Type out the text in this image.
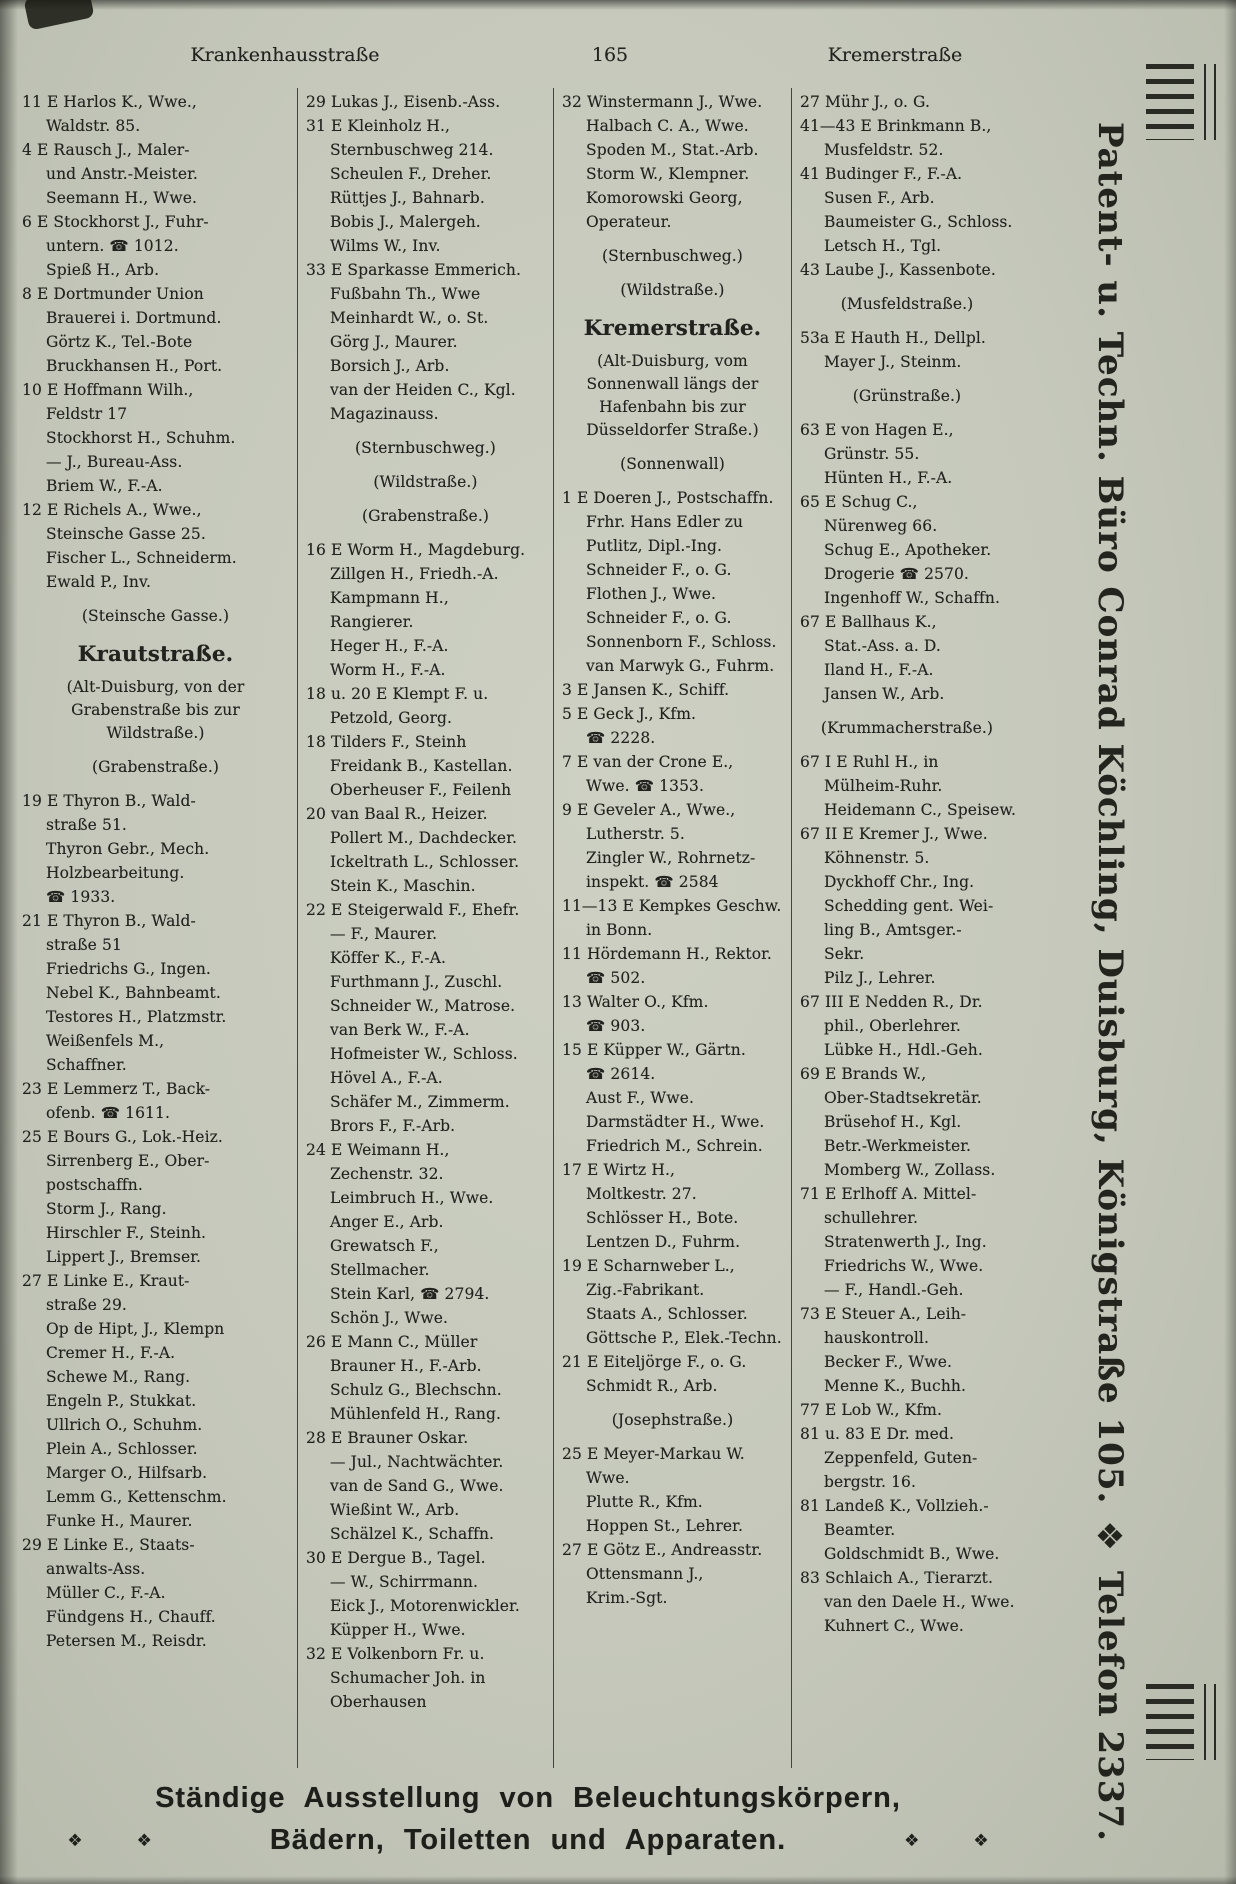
Krankenhausstraße	165	Kremerstraße
11 E Harlos K., Wwe.,
Waldstr. 85.
4 E Rausch J., Maler-
und Anstr.-Meister.
Seemann H., Wwe.
6 E Stockhorst J., Fuhr-
untern. ☎ 1012.
Spieß H., Arb.
8 E Dortmunder Union
Brauerei i. Dortmund.
Görtz K., Tel.-Bote
Bruckhansen H., Port.
10 E Hoffmann Wilh.,
Feldstr 17
Stockhorst H., Schuhm.
— J., Bureau-Ass.
Briem W., F.-A.
12 E Richels A., Wwe.,
Steinsche Gasse 25.
Fischer L., Schneiderm.
Ewald P., Inv.
(Steinsche Gasse.)
Krautstraße.
(Alt-Duisburg, von der
Grabenstraße bis zur
Wildstraße.)
(Grabenstraße.)
19 E Thyron B., Wald-
straße 51.
Thyron Gebr., Mech.
Holzbearbeitung.
☎ 1933.
21 E Thyron B., Wald-
straße 51
Friedrichs G., Ingen.
Nebel K., Bahnbeamt.
Testores H., Platzmstr.
Weißenfels M.,
Schaffner.
23 E Lemmerz T., Back-
ofenb. ☎ 1611.
25 E Bours G., Lok.-Heiz.
Sirrenberg E., Ober-
postschaffn.
Storm J., Rang.
Hirschler F., Steinh.
Lippert J., Bremser.
27 E Linke E., Kraut-
straße 29.
Op de Hipt, J., Klempn
Cremer H., F.-A.
Schewe M., Rang.
Engeln P., Stukkat.
Ullrich O., Schuhm.
Plein A., Schlosser.
Marger O., Hilfsarb.
Lemm G., Kettenschm.
Funke H., Maurer.
29 E Linke E., Staats-
anwalts-Ass.
Müller C., F.-A.
Fündgens H., Chauff.
Petersen M., Reisdr.
29 Lukas J., Eisenb.-Ass.
31 E Kleinholz H.,
Sternbuschweg 214.
Scheulen F., Dreher.
Rüttjes J., Bahnarb.
Bobis J., Malergeh.
Wilms W., Inv.
33 E Sparkasse Emmerich.
Fußbahn Th., Wwe
Meinhardt W., o. St.
Görg J., Maurer.
Borsich J., Arb.
van der Heiden C., Kgl.
Magazinauss.
(Sternbuschweg.)
(Wildstraße.)
(Grabenstraße.)
16 E Worm H., Magdeburg.
Zillgen H., Friedh.-A.
Kampmann H.,
Rangierer.
Heger H., F.-A.
Worm H., F.-A.
18 u. 20 E Klempt F. u.
Petzold, Georg.
18 Tilders F., Steinh
Freidank B., Kastellan.
Oberheuser F., Feilenh
20 van Baal R., Heizer.
Pollert M., Dachdecker.
Ickeltrath L., Schlosser.
Stein K., Maschin.
22 E Steigerwald F., Ehefr.
— F., Maurer.
Köffer K., F.-A.
Furthmann J., Zuschl.
Schneider W., Matrose.
van Berk W., F.-A.
Hofmeister W., Schloss.
Hövel A., F.-A.
Schäfer M., Zimmerm.
Brors F., F.-Arb.
24 E Weimann H.,
Zechenstr. 32.
Leimbruch H., Wwe.
Anger E., Arb.
Grewatsch F.,
Stellmacher.
Stein Karl, ☎ 2794.
Schön J., Wwe.
26 E Mann C., Müller
Brauner H., F.-Arb.
Schulz G., Blechschn.
Mühlenfeld H., Rang.
28 E Brauner Oskar.
— Jul., Nachtwächter.
van de Sand G., Wwe.
Wießint W., Arb.
Schälzel K., Schaffn.
30 E Dergue B., Tagel.
— W., Schirrmann.
Eick J., Motorenwickler.
Küpper H., Wwe.
32 E Volkenborn Fr. u.
Schumacher Joh. in
Oberhausen
32 Winstermann J., Wwe.
Halbach C. A., Wwe.
Spoden M., Stat.-Arb.
Storm W., Klempner.
Komorowski Georg,
Operateur.
(Sternbuschweg.)
(Wildstraße.)
Kremerstraße.
(Alt-Duisburg, vom
Sonnenwall längs der
Hafenbahn bis zur
Düsseldorfer Straße.)
(Sonnenwall)
1 E Doeren J., Postschaffn.
Frhr. Hans Edler zu
Putlitz, Dipl.-Ing.
Schneider F., o. G.
Flothen J., Wwe.
Schneider F., o. G.
Sonnenborn F., Schloss.
van Marwyk G., Fuhrm.
3 E Jansen K., Schiff.
5 E Geck J., Kfm.
☎ 2228.
7 E van der Crone E.,
Wwe. ☎ 1353.
9 E Geveler A., Wwe.,
Lutherstr. 5.
Zingler W., Rohrnetz-
inspekt. ☎ 2584
11—13 E Kempkes Geschw.
in Bonn.
11 Hördemann H., Rektor.
☎ 502.
13 Walter O., Kfm.
☎ 903.
15 E Küpper W., Gärtn.
☎ 2614.
Aust F., Wwe.
Darmstädter H., Wwe.
Friedrich M., Schrein.
17 E Wirtz H.,
Moltkestr. 27.
Schlösser H., Bote.
Lentzen D., Fuhrm.
19 E Scharnweber L.,
Zig.-Fabrikant.
Staats A., Schlosser.
Göttsche P., Elek.-Techn.
21 E Eiteljörge F., o. G.
Schmidt R., Arb.
(Josephstraße.)
25 E Meyer-Markau W.
Wwe.
Plutte R., Kfm.
Hoppen St., Lehrer.
27 E Götz E., Andreasstr.
Ottensmann J.,
Krim.-Sgt.
27 Mühr J., o. G.
41—43 E Brinkmann B.,
Musfeldstr. 52.
41 Budinger F., F.-A.
Susen F., Arb.
Baumeister G., Schloss.
Letsch H., Tgl.
43 Laube J., Kassenbote.
(Musfeldstraße.)
53a E Hauth H., Dellpl.
Mayer J., Steinm.
(Grünstraße.)
63 E von Hagen E.,
Grünstr. 55.
Hünten H., F.-A.
65 E Schug C.,
Nürenweg 66.
Schug E., Apotheker.
Drogerie ☎ 2570.
Ingenhoff W., Schaffn.
67 E Ballhaus K.,
Stat.-Ass. a. D.
Iland H., F.-A.
Jansen W., Arb.
(Krummacherstraße.)
67 I E Ruhl H., in
Mülheim-Ruhr.
Heidemann C., Speisew.
67 II E Kremer J., Wwe.
Köhnenstr. 5.
Dyckhoff Chr., Ing.
Schedding gent. Wei-
ling B., Amtsger.-
Sekr.
Pilz J., Lehrer.
67 III E Nedden R., Dr.
phil., Oberlehrer.
Lübke H., Hdl.-Geh.
69 E Brands W.,
Ober-Stadtsekretär.
Brüsehof H., Kgl.
Betr.-Werkmeister.
Momberg W., Zollass.
71 E Erlhoff A. Mittel-
schullehrer.
Stratenwerth J., Ing.
Friedrichs W., Wwe.
— F., Handl.-Geh.
73 E Steuer A., Leih-
hauskontroll.
Becker F., Wwe.
Menne K., Buchh.
77 E Lob W., Kfm.
81 u. 83 E Dr. med.
Zeppenfeld, Guten-
bergstr. 16.
81 Landeß K., Vollzieh.-
Beamter.
Goldschmidt B., Wwe.
83 Schlaich A., Tierarzt.
van den Daele H., Wwe.
Kuhnert C., Wwe.	Patent- u. Techn. Büro Conrad Köchling, Duisburg, Königstraße 105. ❖ Telefon 2337.
Ständige Ausstellung von Beleuchtungskörpern,
❖	❖	Bädern, Toiletten und Apparaten.	❖	❖
